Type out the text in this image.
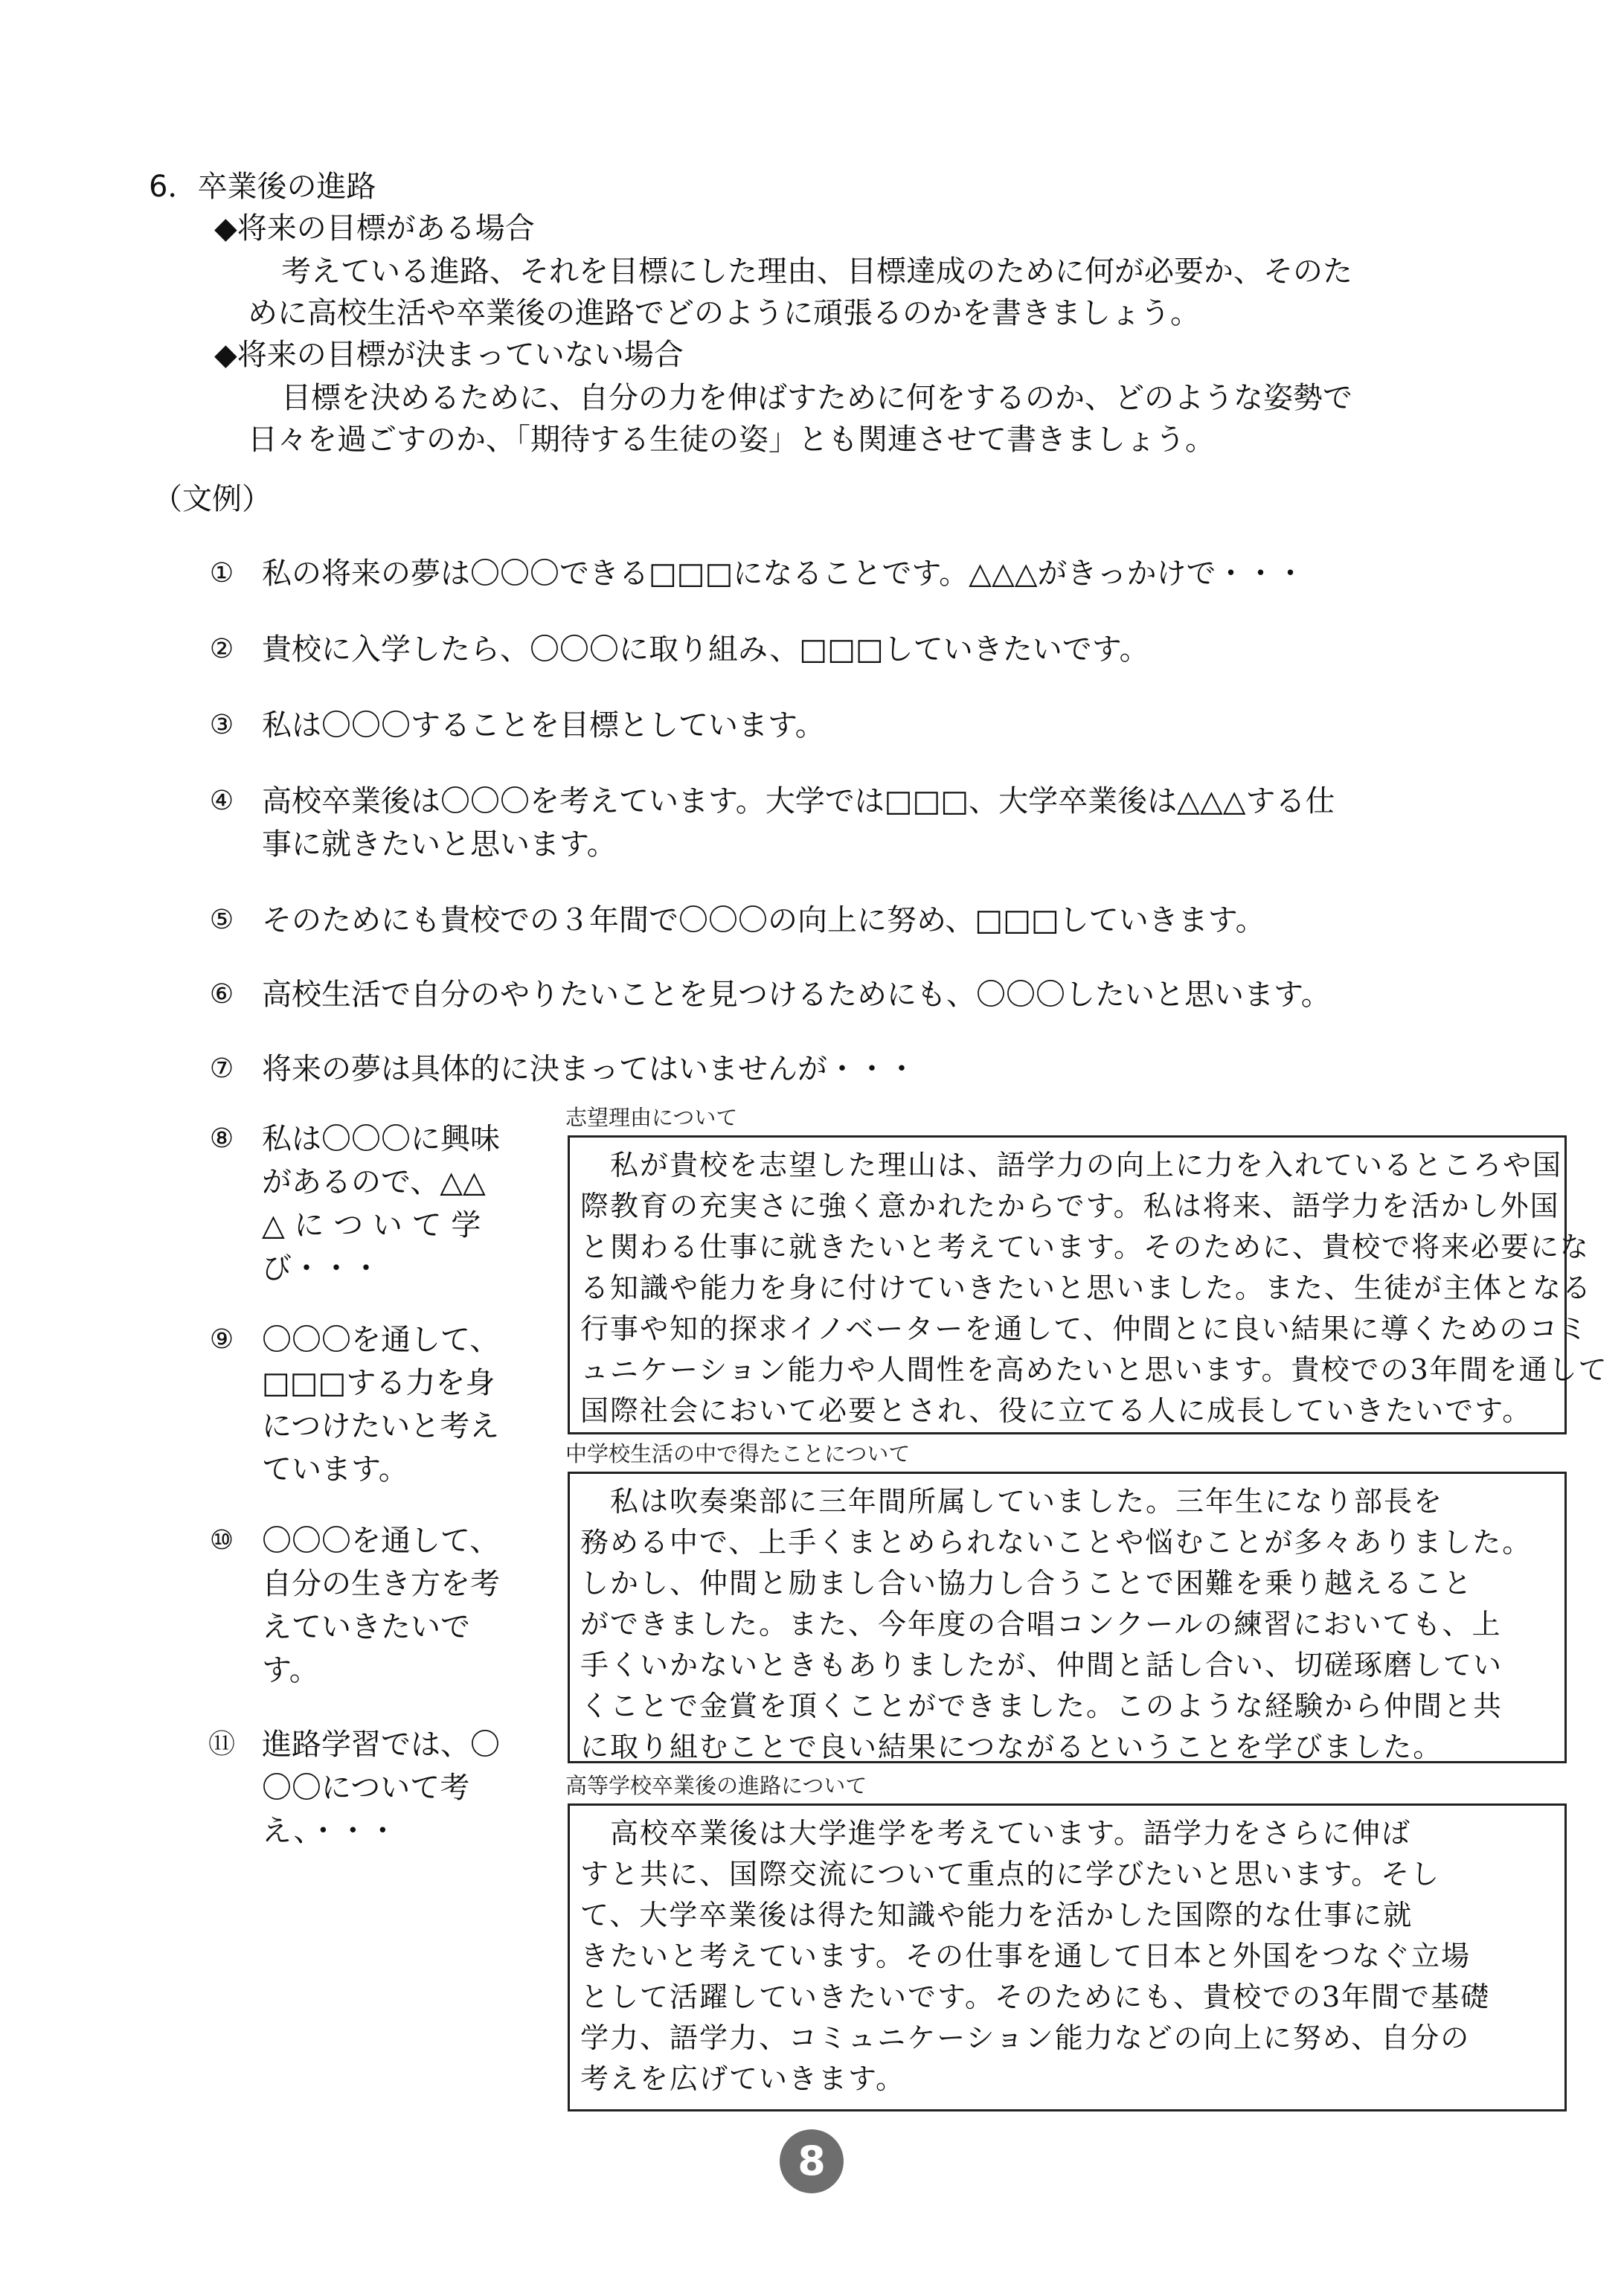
6．卒業後の進路
◆将来の目標がある場合
考えている進路、それを目標にした理由、目標達成のために何が必要か、そのた
めに高校生活や卒業後の進路でどのように頑張るのかを書きましょう。
◆将来の目標が決まっていない場合
目標を決めるために、自分の力を伸ばすために何をするのか、どのような姿勢で
日々を過ごすのか、「期待する生徒の姿」とも関連させて書きましょう。
（文例）
① 私の将来の夢は〇〇〇できる□□□になることです。△△△がきっかけで・・・
② 貴校に入学したら、〇〇〇に取り組み、□□□していきたいです。
③ 私は〇〇〇することを目標としています。
④ 高校卒業後は〇〇〇を考えています。大学では□□□、大学卒業後は△△△する仕
事に就きたいと思います。
⑤ そのためにも貴校での３年間で〇〇〇の向上に努め、□□□していきます。
⑥ 高校生活で自分のやりたいことを見つけるためにも、〇〇〇したいと思います。
⑦ 将来の夢は具体的に決まってはいませんが・・・
⑧ 私は〇〇〇に興味
があるので、△△
△ に つ い て 学
び・・・
⑨ 〇〇〇を通して、
□□□する力を身
につけたいと考え
ています。
⑩ 〇〇〇を通して、
自分の生き方を考
えていきたいで
す。
⑪ 進路学習では、〇
〇〇について考
え、・・・
志望理由について
　私が貴校を志望した理山は、語学力の向上に力を入れているところや国
際教育の充実さに強く意かれたからです。私は将来、語学力を活かし外国
と関わる仕事に就きたいと考えています。そのために、貴校で将来必要にな
る知識や能力を身に付けていきたいと思いました。また、生徒が主体となる
行事や知的探求イノベーターを通して、仲間とに良い結果に導くためのコミ
ュニケーション能力や人間性を高めたいと思います。貴校での3年間を通して
国際社会において必要とされ、役に立てる人に成長していきたいです。
中学校生活の中で得たことについて
　私は吹奏楽部に三年間所属していました。三年生になり部長を
務める中で、上手くまとめられないことや悩むことが多々ありました。
しかし、仲間と励まし合い協力し合うことで困難を乗り越えること
ができました。また、今年度の合唱コンクールの練習においても、上
手くいかないときもありましたが、仲間と話し合い、切磋琢磨してい
くことで金賞を頂くことができました。このような経験から仲間と共
に取り組むことで良い結果につながるということを学びました。
高等学校卒業後の進路について
　高校卒業後は大学進学を考えています。語学力をさらに伸ば
すと共に、国際交流について重点的に学びたいと思います。そし
て、大学卒業後は得た知識や能力を活かした国際的な仕事に就
きたいと考えています。その仕事を通して日本と外国をつなぐ立場
として活躍していきたいです。そのためにも、貴校での3年間で基礎
学力、語学力、コミュニケーション能力などの向上に努め、自分の
考えを広げていきます。
8
